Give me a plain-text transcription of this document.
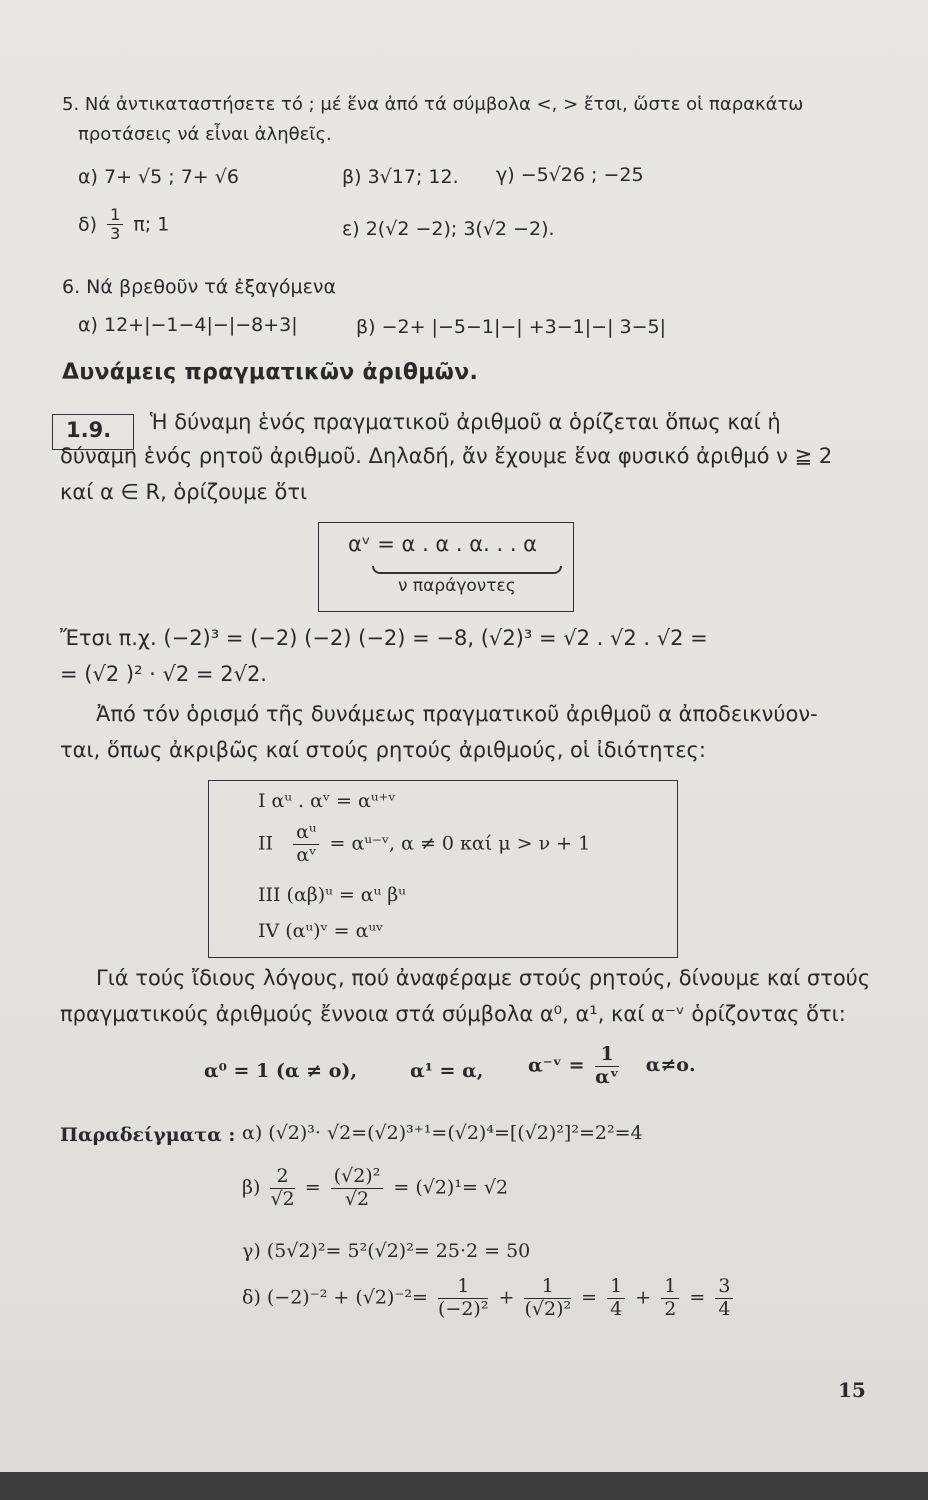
5. Νά ἀντικαταστήσετε τό ; μέ ἕνα ἀπό τά σύμβολα <, > ἔτσι, ὥστε οἱ παρακάτω
προτάσεις νά εἶναι ἀληθεῖς.
α) 7+ √5 ; 7+ √6	β) 3√17; 12. γ) −5√26 ; −25
$\delta) \frac{1}{3} \pi$; 1	ε) 2(√2 −2); 3(√2 −2).
6. Νά βρεθοῦν τά ἐξαγόμενα
α) 12+|−1−4|−|−8+3|	β) −2+ |−5−1|−| +3−1|−| 3−5|
Δυνάμεις πραγματικῶν ἀριθμῶν.
1.9. Ἡ δύναμη ἑνός πραγματικοῦ ἀριθμοῦ α ὁρίζεται ὅπως καί ἡ
δύναμη ἑνός ρητοῦ ἀριθμοῦ. Δηλαδή, ἄν ἔχουμε ἕνα φυσικό ἀριθμό ν ≧ 2
καί α ∈ R, ὁρίζουμε ὅτι
αᵛ = α . α . α. . . α
ν παράγοντες
Ἔτσι π.χ. (−2)³ = (−2) (−2) (−2) = −8, (√2)³ = √2 . √2 . √2 =
= (√2 )² · √2 = 2√2.
Ἀπό τόν ὁρισμό τῆς δυνάμεως πραγματικοῦ ἀριθμοῦ α ἀποδεικνύον-
ται, ὅπως ἀκριβῶς καί στούς ρητούς ἀριθμούς, οἱ ἰδιότητες:
I αᵘ . αᵛ = αᵘ⁺ᵛ
II $\frac{\text{αᵘ}}{\text{αᵛ}}$ = αᵘ⁻ᵛ, α ≠ 0 καί μ > ν + 1
III (αβ)ᵘ = αᵘ βᵘ
IV (αᵘ)ᵛ = αᵘᵛ
Γιά τούς ἴδιους λόγους, πού ἀναφέραμε στούς ρητούς, δίνουμε καί στούς
πραγματικούς ἀριθμούς ἔννοια στά σύμβολα α⁰, α¹, καί α⁻ᵛ ὁρίζοντας ὅτι:
α⁰ = 1 (α ≠ ο),	α¹ = α, α⁻ᵛ = $\frac{1}{\text{αᵛ}} \alpha\ne o$.
Παραδείγματα : α) (√2)³· √2=(√2)³⁺¹=(√2)⁴=[(√2)²]²=2²=4
$\beta) \frac{2}{√2} = \frac{\text{(√2)²}}{√2} = (√2)^1= √2$
γ) (5√2)²= 5²(√2)²= 25·2 = 50
δ) $(-2)^{-2} + (√2)^{-2}= \frac{1}{\text{(−2)²}} + \frac{1}{\text{(√2)²}} = \frac{1}{4} + \frac{1}{2} = \frac{3}{4}$
15
